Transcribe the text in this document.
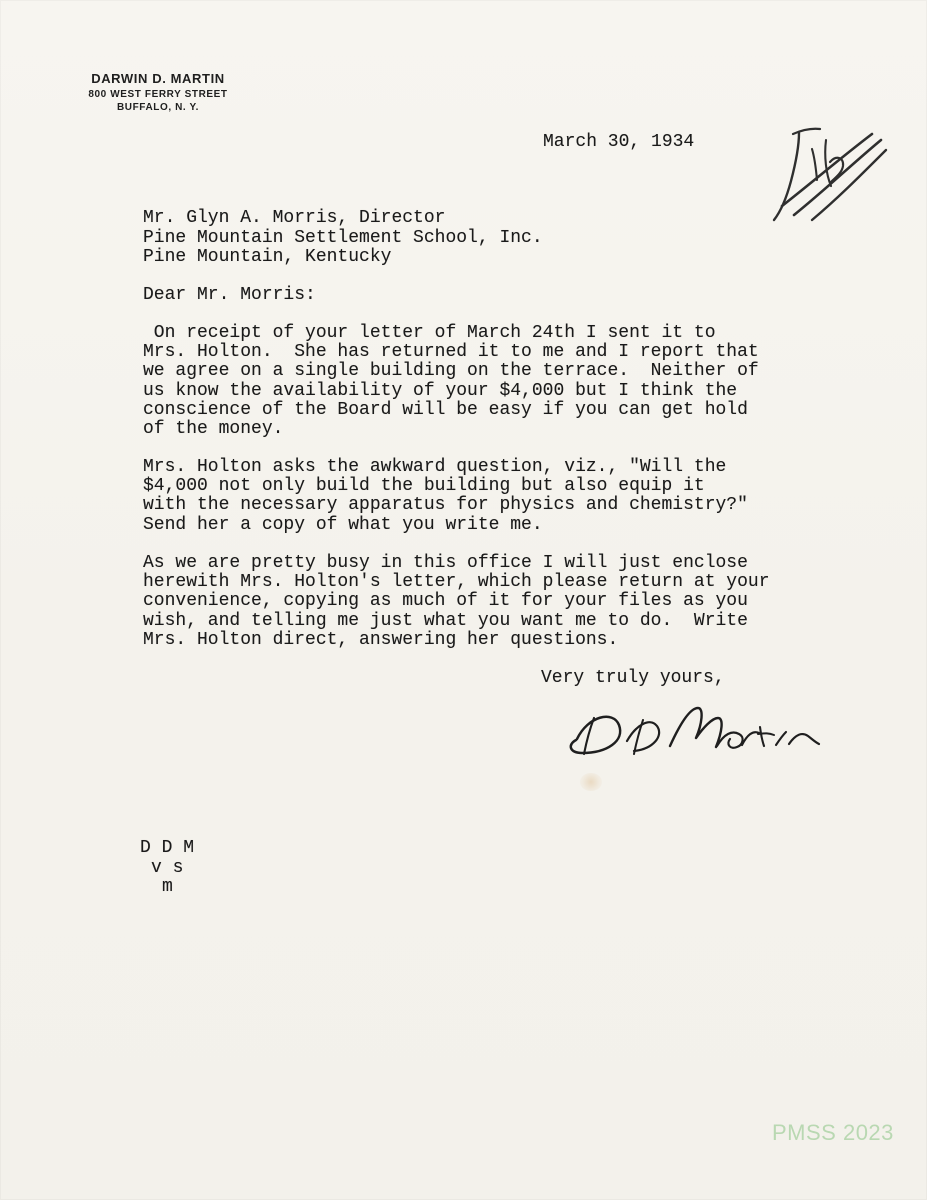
DARWIN D. MARTIN
800 WEST FERRY STREET
BUFFALO, N. Y.
March 30, 1934
Mr. Glyn A. Morris, Director
Pine Mountain Settlement School, Inc.
Pine Mountain, Kentucky
Dear Mr. Morris:
On receipt of your letter of March 24th I sent it to
Mrs. Holton.  She has returned it to me and I report that
we agree on a single building on the terrace.  Neither of
us know the availability of your $4,000 but I think the
conscience of the Board will be easy if you can get hold
of the money.
Mrs. Holton asks the awkward question, viz., "Will the
$4,000 not only build the building but also equip it
with the necessary apparatus for physics and chemistry?"
Send her a copy of what you write me.
As we are pretty busy in this office I will just enclose
herewith Mrs. Holton's letter, which please return at your
convenience, copying as much of it for your files as you
wish, and telling me just what you want me to do.  Write
Mrs. Holton direct, answering her questions.
Very truly yours,
D D M
v s
m
PMSS 2023
